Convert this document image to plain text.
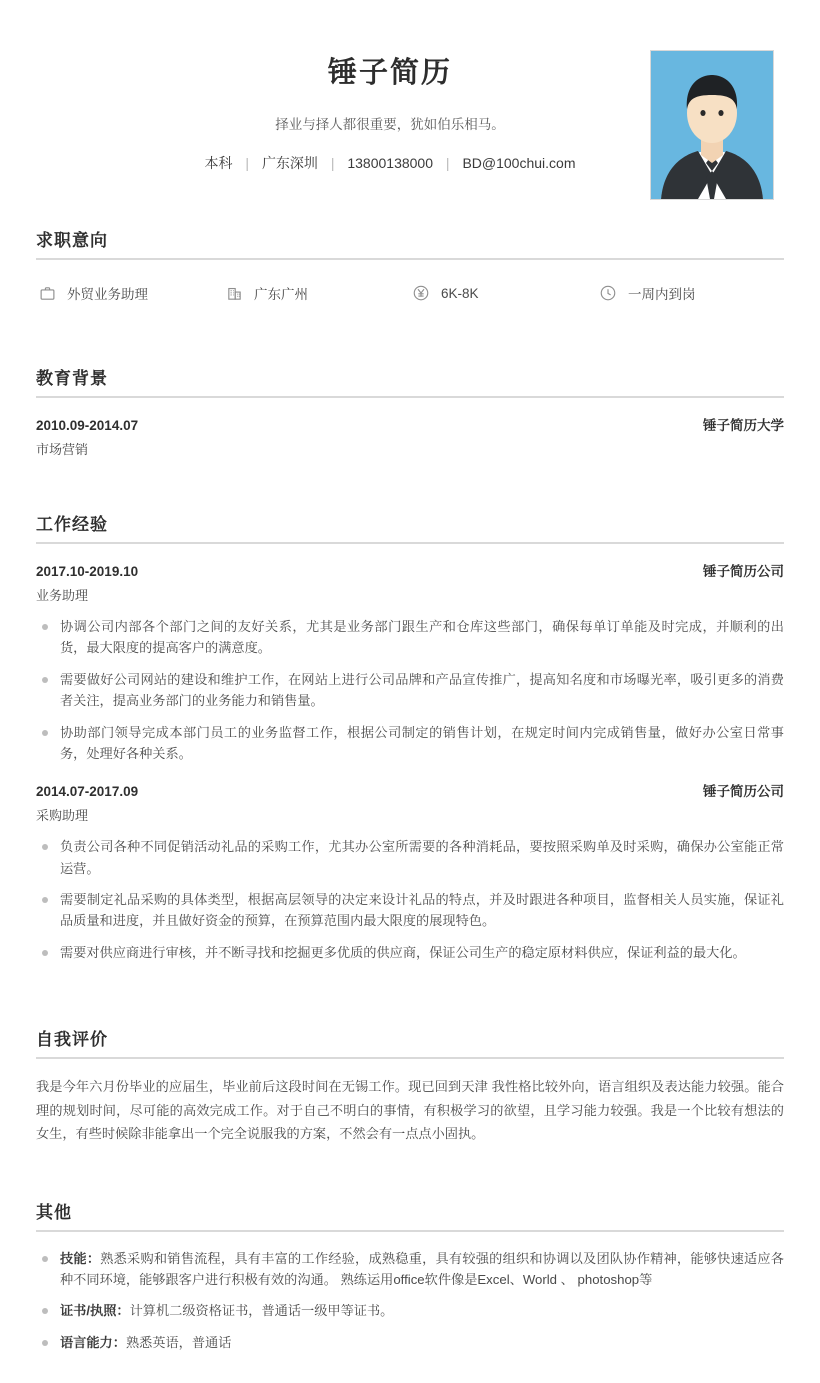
锤子简历
择业与择人都很重要，犹如伯乐相马。
本科 | 广东深圳 | 13800138000 | BD@100chui.com
求职意向
外贸业务助理	广东广州	6K-8K	一周内到岗
教育背景
2010.09-2014.07	锤子简历大学
市场营销
工作经验
2017.10-2019.10	锤子简历公司
业务助理
协调公司内部各个部门之间的友好关系，尤其是业务部门跟生产和仓库这些部门，确保每单订单能及时完成，并顺利的出货，最大限度的提高客户的满意度。
需要做好公司网站的建设和维护工作，在网站上进行公司品牌和产品宣传推广，提高知名度和市场曝光率，吸引更多的消费者关注，提高业务部门的业务能力和销售量。
协助部门领导完成本部门员工的业务监督工作，根据公司制定的销售计划，在规定时间内完成销售量，做好办公室日常事务，处理好各种关系。
2014.07-2017.09	锤子简历公司
采购助理
负责公司各种不同促销活动礼品的采购工作，尤其办公室所需要的各种消耗品，要按照采购单及时采购，确保办公室能正常运营。
需要制定礼品采购的具体类型，根据高层领导的决定来设计礼品的特点，并及时跟进各种项目，监督相关人员实施，保证礼品质量和进度，并且做好资金的预算，在预算范围内最大限度的展现特色。
需要对供应商进行审核，并不断寻找和挖掘更多优质的供应商，保证公司生产的稳定原材料供应，保证利益的最大化。
自我评价
我是今年六月份毕业的应届生，毕业前后这段时间在无锡工作。现已回到天津 我性格比较外向，语言组织及表达能力较强。能合理的规划时间，尽可能的高效完成工作。对于自己不明白的事情，有积极学习的欲望，且学习能力较强。我是一个比较有想法的女生，有些时候除非能拿出一个完全说服我的方案，不然会有一点点小固执。
其他
技能：熟悉采购和销售流程，具有丰富的工作经验，成熟稳重，具有较强的组织和协调以及团队协作精神，能够快速适应各种不同环境，能够跟客户进行积极有效的沟通。 熟练运用office软件像是Excel、World 、 photoshop等
证书/执照：计算机二级资格证书，普通话一级甲等证书。
语言能力：熟悉英语，普通话
